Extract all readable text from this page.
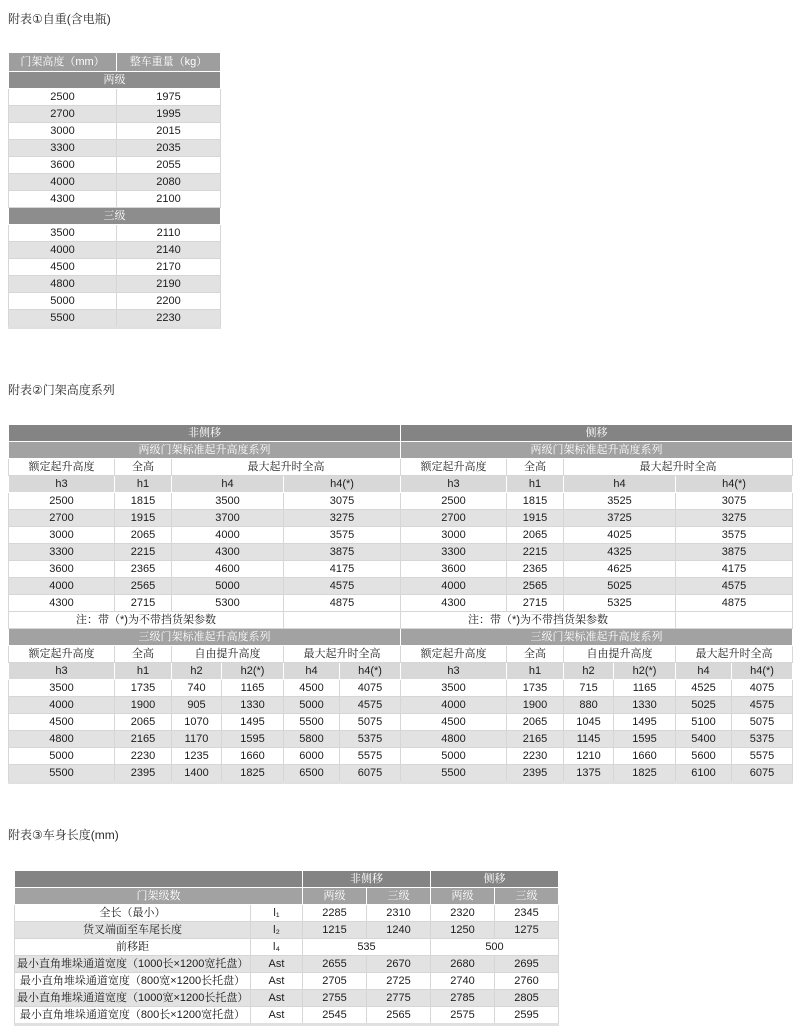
附表①自重(含电瓶)
门架高度（mm）	整车重量（kg）
两级	
2500	1975
2700	1995
3000	2015
3300	2035
3600	2055
4000	2080
4300	2100
三级	
3500	2110
4000	2140
4500	2170
4800	2190
5000	2200
5500	2230
附表②门架高度系列
非侧移						侧移					
两级门架标准起升高度系列						两级门架标准起升高度系列					
额定起升高度	全高	最大起升时全高				额定起升高度	全高	最大起升时全高			
h3	h1	h4		h4(*)		h3	h1	h4		h4(*)	
2500	1815	3500		3075		2500	1815	3525		3075	
2700	1915	3700		3275		2700	1915	3725		3275	
3000	2065	4000		3575		3000	2065	4025		3575	
3300	2215	4300		3875		3300	2215	4325		3875	
3600	2365	4600		4175		3600	2365	4625		4175	
4000	2565	5000		4575		4000	2565	5025		4575	
4300	2715	5300		4875		4300	2715	5325		4875	
注：带（*)为不带挡货架参数						注：带（*)为不带挡货架参数					
三级门架标准起升高度系列						三级门架标准起升高度系列					
额定起升高度	全高	自由提升高度		最大起升时全高		额定起升高度	全高	自由提升高度		最大起升时全高	
h3	h1	h2	h2(*)	h4	h4(*)	h3	h1	h2	h2(*)	h4	h4(*)
3500	1735	740	1165	4500	4075	3500	1735	715	1165	4525	4075
4000	1900	905	1330	5000	4575	4000	1900	880	1330	5025	4575
4500	2065	1070	1495	5500	5075	4500	2065	1045	1495	5100	5075
4800	2165	1170	1595	5800	5375	4800	2165	1145	1595	5400	5375
5000	2230	1235	1660	6000	5575	5000	2230	1210	1660	5600	5575
5500	2395	1400	1825	6500	6075	5500	2395	1375	1825	6100	6075
附表③车身长度(mm)
		非侧移		侧移	
门架级数		两级	三级	两级	三级
全长（最小）	l₁	2285	2310	2320	2345
货叉端面至车尾长度	l₂	1215	1240	1250	1275
前移距	l₄	535		500	
最小直角堆垛通道宽度（1000长×1200宽托盘）	Ast	2655	2670	2680	2695
最小直角堆垛通道宽度（800宽×1200长托盘）	Ast	2705	2725	2740	2760
最小直角堆垛通道宽度（1000宽×1200长托盘）	Ast	2755	2775	2785	2805
最小直角堆垛通道宽度（800长×1200宽托盘）	Ast	2545	2565	2575	2595
